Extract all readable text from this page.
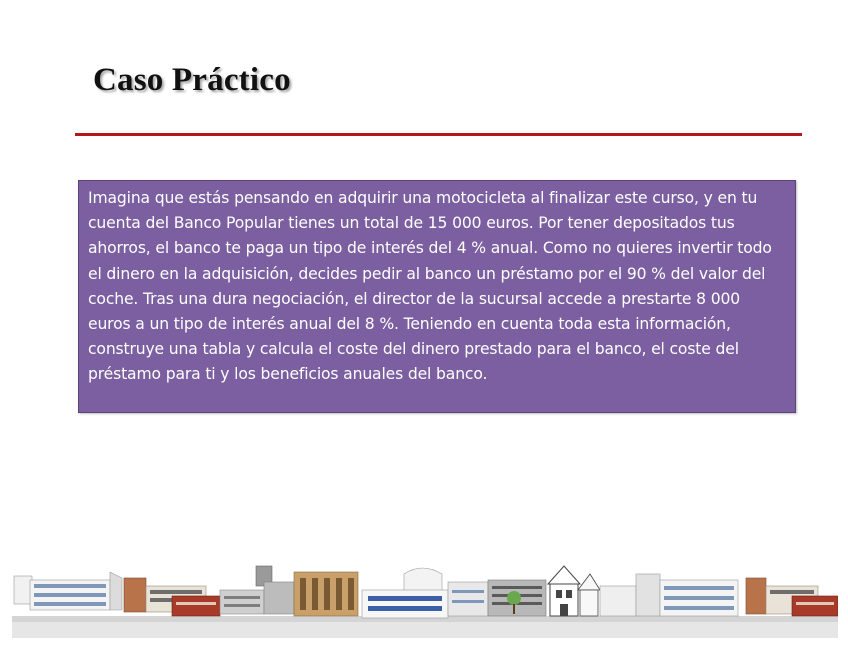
Caso Práctico

Imagina que estás pensando en adquirir una motocicleta al finalizar este curso, y en tu cuenta del Banco Popular tienes un total de 15 000 euros. Por tener depositados tus ahorros, el banco te paga un tipo de interés del 4 % anual. Como no quieres invertir todo el dinero en la adquisición, decides pedir al banco un préstamo por el 90 % del valor del coche. Tras una dura negociación, el director de la sucursal accede a prestarte 8 000 euros a un tipo de interés anual del 8 %. Teniendo en cuenta toda esta información, construye una tabla y calcula el coste del dinero prestado para el banco, el coste del préstamo para ti y los beneficios anuales del banco.
